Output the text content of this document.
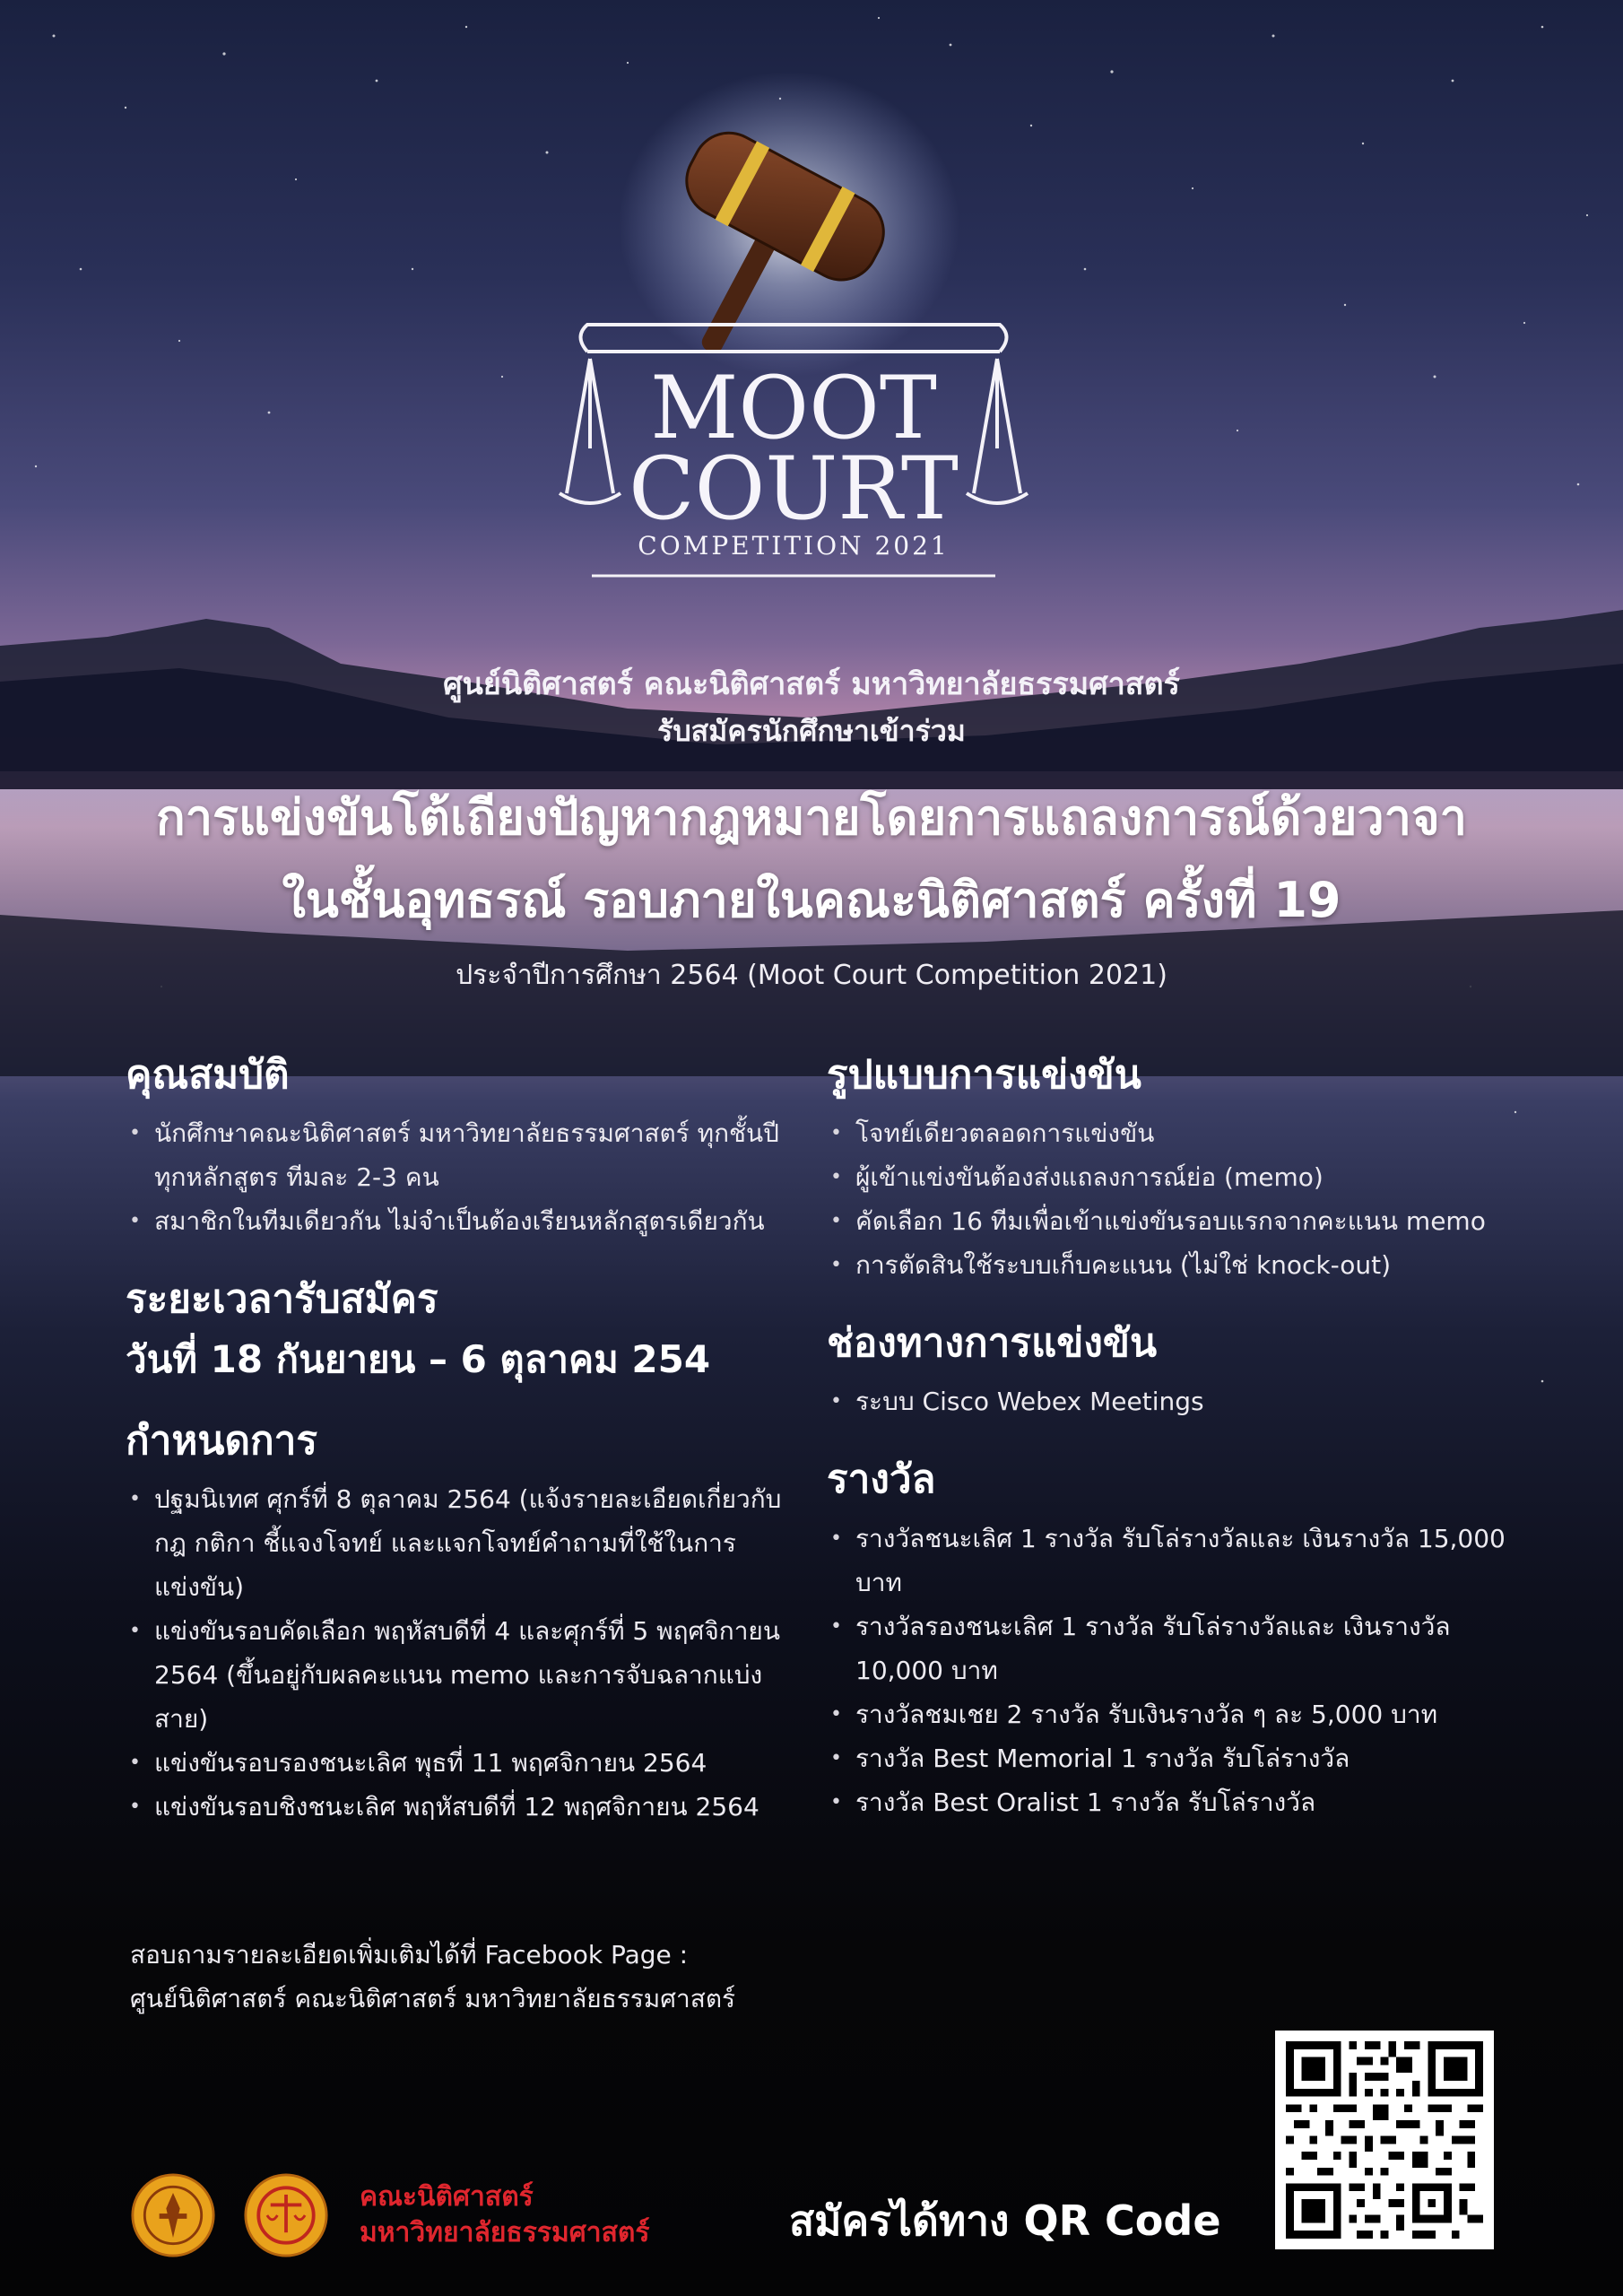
MOOT
COURT
COMPETITION 2021
ศูนย์นิติศาสตร์ คณะนิติศาสตร์ มหาวิทยาลัยธรรมศาสตร์
รับสมัครนักศึกษาเข้าร่วม
การแข่งขันโต้เถียงปัญหากฎหมายโดยการแถลงการณ์ด้วยวาจา
ในชั้นอุทธรณ์ รอบภายในคณะนิติศาสตร์ ครั้งที่ 19
ประจำปีการศึกษา 2564 (Moot Court Competition 2021)
คุณสมบัติ
• นักศึกษาคณะนิติศาสตร์ มหาวิทยาลัยธรรมศาสตร์ ทุกชั้นปี ทุกหลักสูตร ทีมละ 2-3 คน
• สมาชิกในทีมเดียวกัน ไม่จำเป็นต้องเรียนหลักสูตรเดียวกัน
ระยะเวลารับสมัคร
วันที่ 18 กันยายน – 6 ตุลาคม 254
กำหนดการ
• ปฐมนิเทศ ศุกร์ที่ 8 ตุลาคม 2564 (แจ้งรายละเอียดเกี่ยวกับกฎ กติกา ชี้แจงโจทย์ และแจกโจทย์คำถามที่ใช้ในการแข่งขัน)
• แข่งขันรอบคัดเลือก พฤหัสบดีที่ 4 และศุกร์ที่ 5 พฤศจิกายน 2564 (ขึ้นอยู่กับผลคะแนน memo และการจับฉลากแบ่งสาย)
• แข่งขันรอบรองชนะเลิศ พุธที่ 11 พฤศจิกายน 2564
• แข่งขันรอบชิงชนะเลิศ พฤหัสบดีที่ 12 พฤศจิกายน 2564
รูปแบบการแข่งขัน
• โจทย์เดียวตลอดการแข่งขัน
• ผู้เข้าแข่งขันต้องส่งแถลงการณ์ย่อ (memo)
• คัดเลือก 16 ทีมเพื่อเข้าแข่งขันรอบแรกจากคะแนน memo
• การตัดสินใช้ระบบเก็บคะแนน (ไม่ใช่ knock-out)
ช่องทางการแข่งขัน
• ระบบ Cisco Webex Meetings
รางวัล
• รางวัลชนะเลิศ 1 รางวัล รับโล่รางวัลและ เงินรางวัล 15,000 บาท
• รางวัลรองชนะเลิศ 1 รางวัล รับโล่รางวัลและ เงินรางวัล 10,000 บาท
• รางวัลชมเชย 2 รางวัล รับเงินรางวัล ๆ ละ 5,000 บาท
• รางวัล Best Memorial 1 รางวัล รับโล่รางวัล
• รางวัล Best Oralist 1 รางวัล รับโล่รางวัล
สอบถามรายละเอียดเพิ่มเติมได้ที่ Facebook Page :
ศูนย์นิติศาสตร์ คณะนิติศาสตร์ มหาวิทยาลัยธรรมศาสตร์
คณะนิติศาสตร์
มหาวิทยาลัยธรรมศาสตร์	สมัครได้ทาง QR Code
